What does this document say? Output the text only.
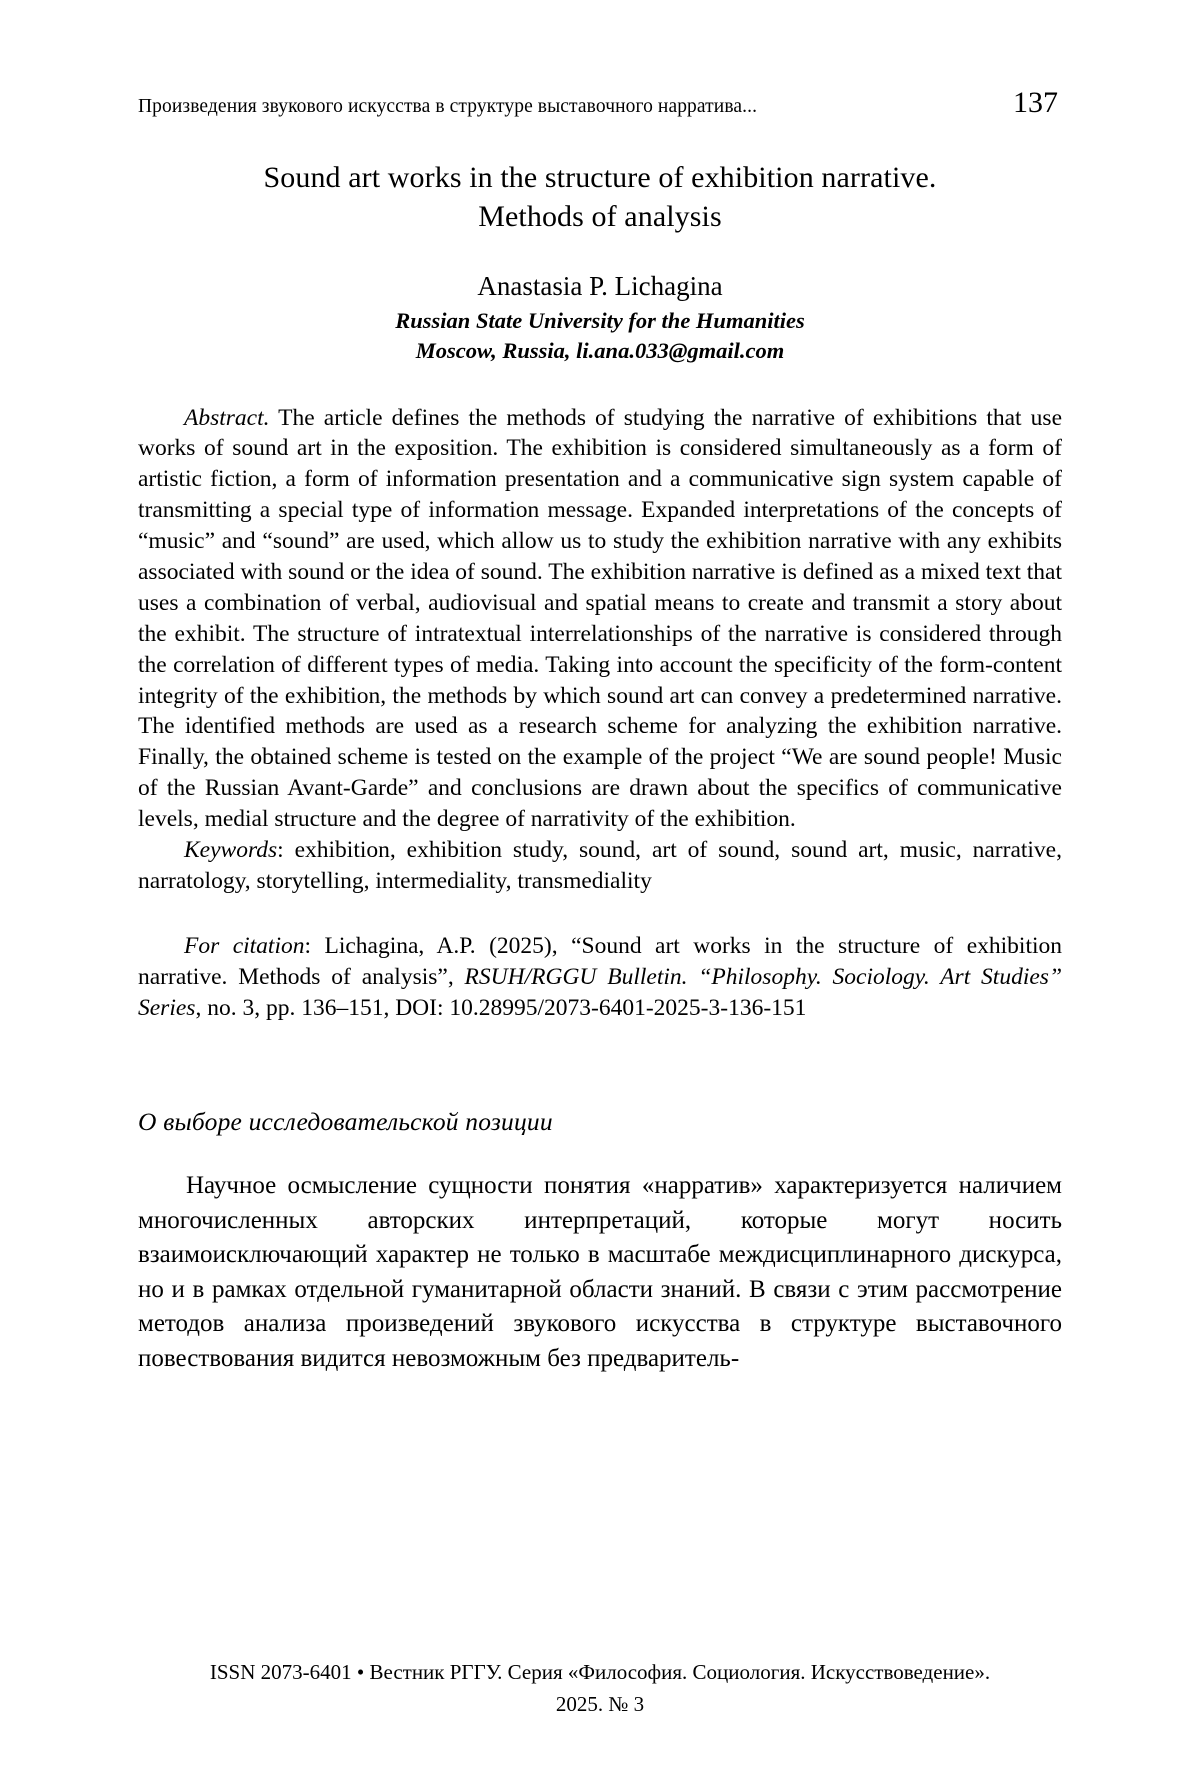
Произведения звукового искусства в структуре выставочного нарратива...	137
Sound art works in the structure of exhibition narrative.
Methods of analysis
Anastasia P. Lichagina
Russian State University for the Humanities
Moscow, Russia, li.ana.033@gmail.com

Abstract. The article defines the methods of studying the narrative of exhibitions that use works of sound art in the exposition. The exhibition is considered simultaneously as a form of artistic fiction, a form of information presentation and a communicative sign system capable of transmitting a special type of information message. Expanded interpretations of the concepts of “music” and “sound” are used, which allow us to study the exhibition narrative with any exhibits associated with sound or the idea of sound. The exhibition narrative is defined as a mixed text that uses a combination of verbal, audiovisual and spatial means to create and transmit a story about the exhibit. The structure of intratextual interrelationships of the narrative is considered through the correlation of different types of media. Taking into account the specificity of the form-content integrity of the exhibition, the methods by which sound art can convey a predetermined narrative. The identified methods are used as a research scheme for analyzing the exhibition narrative. Finally, the obtained scheme is tested on the example of the project “We are sound people! Music of the Russian Avant-Garde” and conclusions are drawn about the specifics of communicative levels, medial structure and the degree of narrativity of the exhibition.

Keywords: exhibition, exhibition study, sound, art of sound, sound art, music, narrative, narratology, storytelling, intermediality, transmediality

For citation: Lichagina, A.P. (2025), “Sound art works in the structure of exhibition narrative. Methods of analysis”, RSUH/RGGU Bulletin. “Philosophy. Sociology. Art Studies” Series, no. 3, pp. 136–151, DOI: 10.28995/2073-6401-2025-3-136-151

О выборе исследовательской позиции

Научное осмысление сущности понятия «нарратив» характеризуется наличием многочисленных авторских интерпретаций, которые могут носить взаимоисключающий характер не только в масштабе междисциплинарного дискурса, но и в рамках отдельной гуманитарной области знаний. В связи с этим рассмотрение методов анализа произведений звукового искусства в структуре выставочного повествования видится невозможным без предваритель-

ISSN 2073-6401 • Вестник РГГУ. Серия «Философия. Социология. Искусствоведение».
2025. № 3
